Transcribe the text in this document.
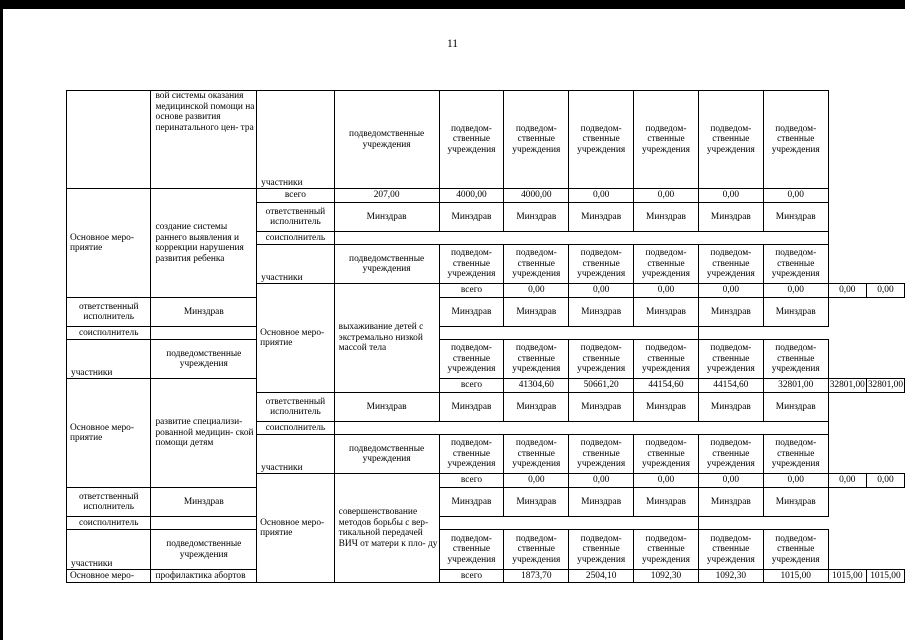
11
	вой системы оказания медицинской помощи на основе развития перинатального цен- тра	участники	подведомственные учреждения	подведом- ственные учреждения	подведом- ственные учреждения	подведом- ственные учреждения	подведом- ственные учреждения	подведом- ственные учреждения	подведом- ственные учреждения		
Основное меро- приятие	создание системы раннего выявления и коррекции нарушения развития ребенка	всего	207,00	4000,00	4000,00	0,00	0,00	0,00	0,00		
		ответственный исполнитель	Минздрав	Минздрав	Минздрав	Минздрав	Минздрав	Минздрав	Минздрав		
		соисполнитель									
		участники	подведомственные учреждения	подведом- ственные учреждения	подведом- ственные учреждения	подведом- ственные учреждения	подведом- ственные учреждения	подведом- ственные учреждения	подведом- ственные учреждения		
		Основное меро- приятие	выхаживание детей с экстремально низкой массой тела	всего	0,00	0,00	0,00	0,00	0,00	0,00	0,00
ответственный исполнитель	Минздрав			Минздрав	Минздрав	Минздрав	Минздрав	Минздрав	Минздрав		
соисполнитель											
участники	подведомственные учреждения			подведом- ственные учреждения	подведом- ственные учреждения	подведом- ственные учреждения	подведом- ственные учреждения	подведом- ственные учреждения	подведом- ственные учреждения		
Основное меро- приятие	развитие специализи- рованной медицин- ской помощи детям			всего	41304,60	50661,20	44154,60	44154,60	32801,00	32801,00	32801,00
		ответственный исполнитель	Минздрав	Минздрав	Минздрав	Минздрав	Минздрав	Минздрав	Минздрав		
		соисполнитель									
		участники	подведомственные учреждения	подведом- ственные учреждения	подведом- ственные учреждения	подведом- ственные учреждения	подведом- ственные учреждения	подведом- ственные учреждения	подведом- ственные учреждения		
		Основное меро- приятие	совершенствование методов борьбы с вер- тикальной передачей ВИЧ от матери к пло- ду	всего	0,00	0,00	0,00	0,00	0,00	0,00	0,00
ответственный исполнитель	Минздрав			Минздрав	Минздрав	Минздрав	Минздрав	Минздрав	Минздрав		
соисполнитель											
участники	подведомственные учреждения			подведом- ственные учреждения	подведом- ственные учреждения	подведом- ственные учреждения	подведом- ственные учреждения	подведом- ственные учреждения	подведом- ственные учреждения		
Основное меро-	профилактика абортов			всего	1873,70	2504,10	1092,30	1092,30	1015,00	1015,00	1015,00
